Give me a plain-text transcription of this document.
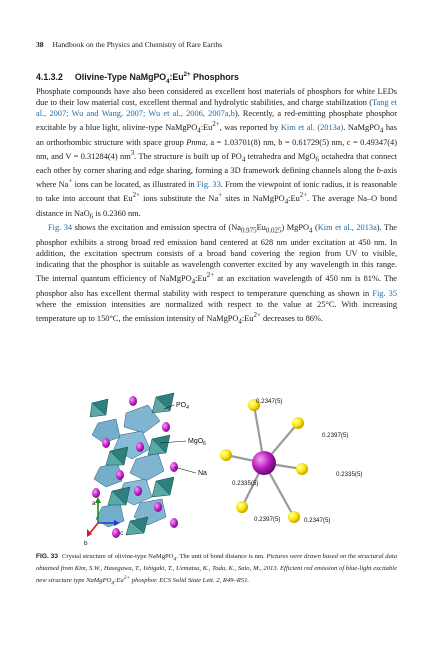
38 Handbook on the Physics and Chemistry of Rare Earths
4.1.3.2 Olivine-Type $NaMgPO_4:Eu^{2+}$ Phosphors

Phosphate compounds have also been considered as excellent host materials of phosphors for white LEDs due to their low material cost, excellent thermal and hydrolytic stabilities, and charge stabilization (Tang et al., 2007; Wu and Wang, 2007; Wu et al., 2006, 2007a,b). Recently, a red-emitting phosphate phosphor excitable by a blue light, olivine-type $NaMgPO_4:Eu^{2+}$, was reported by Kim et al. (2013a). NaMgPO$_4$ has an orthorhombic structure with space group Pnma, a = 1.03701(8) nm, b = 0.61729(5) nm, c = 0.49347(4) nm, and V = 0.31284(4) $nm^3$. The structure is built up of $PO_4$ tetrahedra and MgO$_6$ octahedra that connect each other by corner sharing and edge sharing, forming a 3D framework defining channels along the b-axis where Na+ ions can be located, as illustrated in Fig. 33. From the viewpoint of ionic radius, it is reasonable to take into account that $Eu^{2+}$ ions substitute the Na+ sites in $NaMgPO_4:Eu^{2+}$. The average Na–O bond distance in NaO$_6$ is 0.2360 nm.

Fig. 34 shows the excitation and emission spectra of $(Na_{0.975}Eu_{0.025})$ MgPO$_4$ (Kim et al., 2013a). The phosphor exhibits a strong broad red emission band centered at 628 nm under excitation at 450 nm. In addition, the excitation spectrum consists of a broad band covering the region from UV to visible, indicating that the phosphor is suitable as wavelength converter excited by any wavelength in this range. The internal quantum efficiency of $NaMgPO_4:Eu^{2+}$ at an excitation wavelength of 450 nm is 81%. The phosphor also has excellent thermal stability with respect to temperature quenching as shown in Fig. 35 where the emission intensities are normalized with respect to the value at 25°C. With increasing temperature up to 150°C, the emission intensity of $NaMgPO_4:Eu^{2+}$ decreases to 86%.

$PO_4$
MgO$_6$
Na
a
b
c
0.2347(5)
0.2397(5)
0.2335(5)
0.2335(5)
0.2397(5)	0.2347(5)
FIG. 33 Crystal structure of olivine-type NaMgPO$_4$. The unit of bond distance is nm. Pictures were drawn based on the structural data obtained from Kim, S.W., Hasegawa, T., Ishigaki, T., Uematsu, K., Toda, K., Sato, M., 2013. Efficient red emission of blue-light excitable new structure type $NaMgPO_4:Eu^{2+}$ phosphor. ECS Solid State Lett. 2, R49–R51.
